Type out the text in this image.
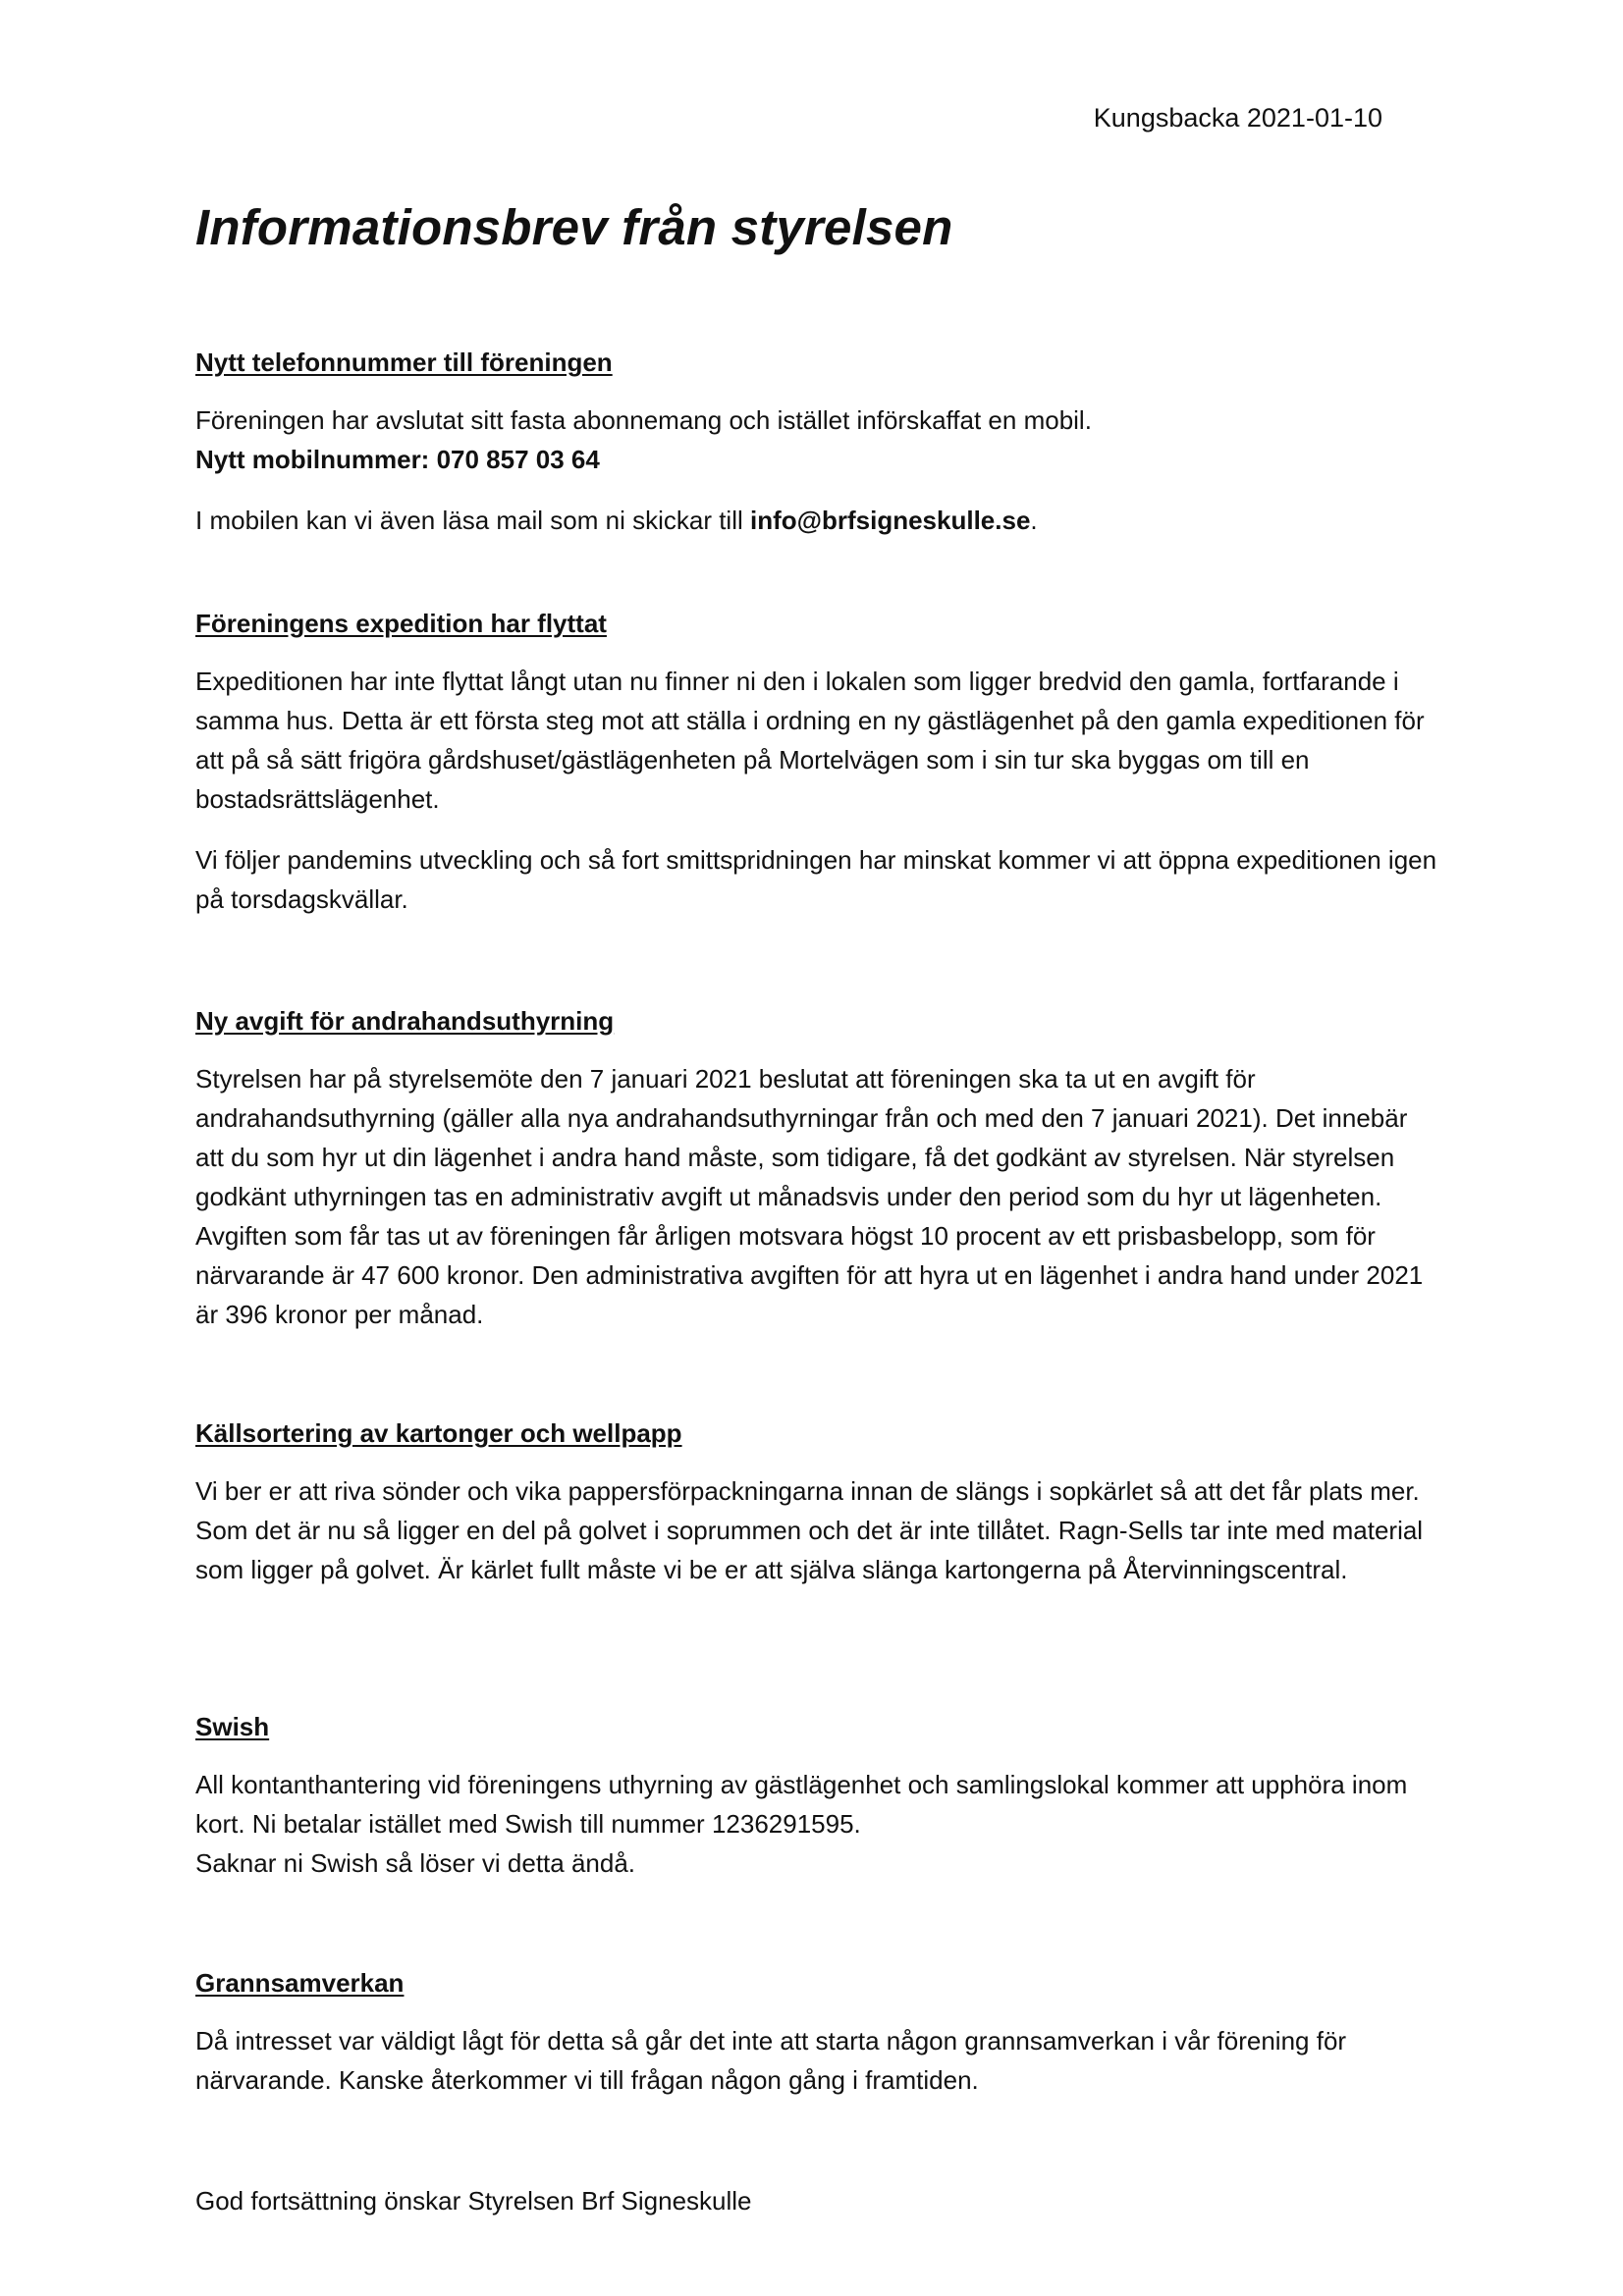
Kungsbacka 2021-01-10
Informationsbrev från styrelsen
Nytt telefonnummer till föreningen

Föreningen har avslutat sitt fasta abonnemang och istället införskaffat en mobil.

Nytt mobilnummer: 070 857 03 64

I mobilen kan vi även läsa mail som ni skickar till info@brfsigneskulle.se.

Föreningens expedition har flyttat

Expeditionen har inte flyttat långt utan nu finner ni den i lokalen som ligger bredvid den gamla, fortfarande i samma hus. Detta är ett första steg mot att ställa i ordning en ny gästlägenhet på den gamla expeditionen för att på så sätt frigöra gårdshuset/gästlägenheten på Mortelvägen som i sin tur ska byggas om till en bostadsrättslägenhet.

Vi följer pandemins utveckling och så fort smittspridningen har minskat kommer vi att öppna expeditionen igen på torsdagskvällar.

Ny avgift för andrahandsuthyrning

Styrelsen har på styrelsemöte den 7 januari 2021 beslutat att föreningen ska ta ut en avgift för andrahandsuthyrning (gäller alla nya andrahandsuthyrningar från och med den 7 januari 2021). Det innebär att du som hyr ut din lägenhet i andra hand måste, som tidigare, få det godkänt av styrelsen. När styrelsen godkänt uthyrningen tas en administrativ avgift ut månadsvis under den period som du hyr ut lägenheten. Avgiften som får tas ut av föreningen får årligen motsvara högst 10 procent av ett prisbasbelopp, som för närvarande är 47 600 kronor. Den administrativa avgiften för att hyra ut en lägenhet i andra hand under 2021 är 396 kronor per månad.

Källsortering av kartonger och wellpapp

Vi ber er att riva sönder och vika pappersförpackningarna innan de slängs i sopkärlet så att det får plats mer. Som det är nu så ligger en del på golvet i soprummen och det är inte tillåtet. Ragn-Sells tar inte med material som ligger på golvet. Är kärlet fullt måste vi be er att själva slänga kartongerna på Återvinningscentral.

Swish

All kontanthantering vid föreningens uthyrning av gästlägenhet och samlingslokal kommer att upphöra inom kort. Ni betalar istället med Swish till nummer 1236291595.

Saknar ni Swish så löser vi detta ändå.

Grannsamverkan

Då intresset var väldigt lågt för detta så går det inte att starta någon grannsamverkan i vår förening för närvarande. Kanske återkommer vi till frågan någon gång i framtiden.

God fortsättning önskar Styrelsen Brf Signeskulle
